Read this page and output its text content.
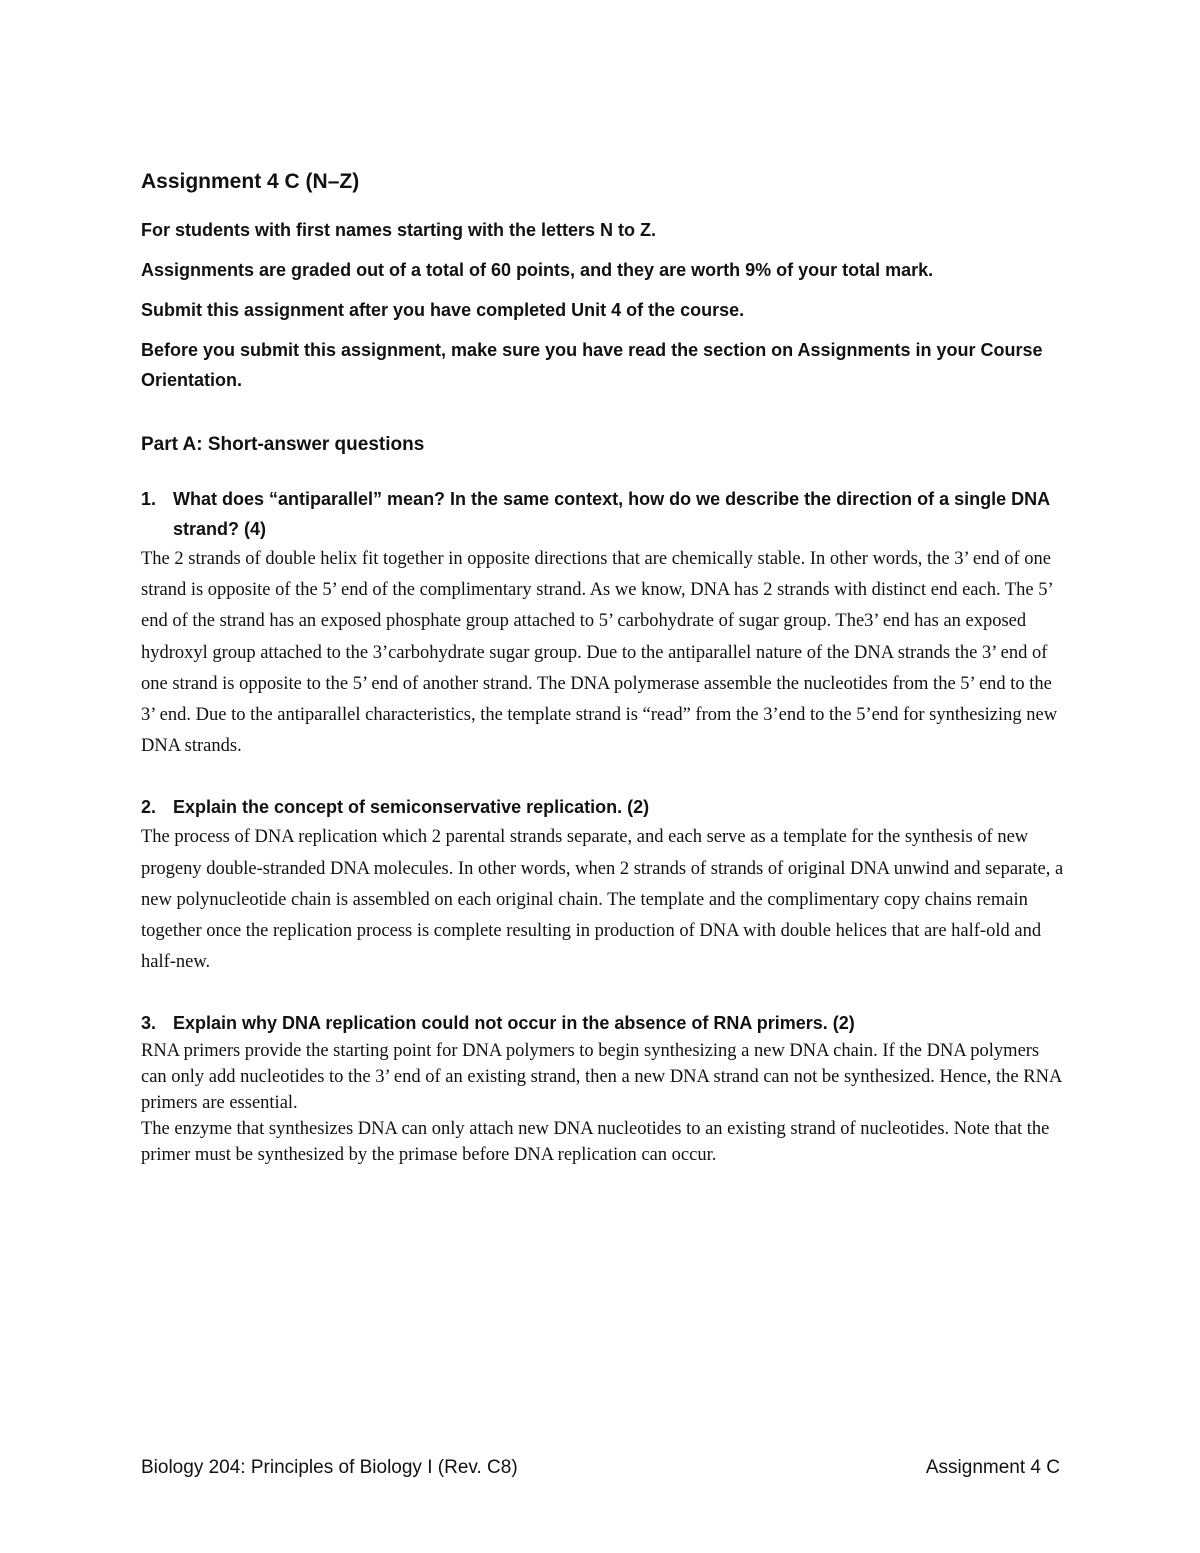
Assignment 4 C (N–Z)

For students with first names starting with the letters N to Z.

Assignments are graded out of a total of 60 points, and they are worth 9% of your total mark.

Submit this assignment after you have completed Unit 4 of the course.

Before you submit this assignment, make sure you have read the section on Assignments in your Course Orientation.

Part A: Short-answer questions
1. What does “antiparallel” mean? In the same context, how do we describe the direction of a single DNA strand? (4)

The 2 strands of double helix fit together in opposite directions that are chemically stable. In other words, the 3’ end of one strand is opposite of the 5’ end of the complimentary strand. As we know, DNA has 2 strands with distinct end each. The 5’ end of the strand has an exposed phosphate group attached to 5’ carbohydrate of sugar group. The3’ end has an exposed hydroxyl group attached to the 3’carbohydrate sugar group. Due to the antiparallel nature of the DNA strands the 3’ end of one strand is opposite to the 5’ end of another strand. The DNA polymerase assemble the nucleotides from the 5’ end to the 3’ end. Due to the antiparallel characteristics, the template strand is “read” from the 3’end to the 5’end for synthesizing new DNA strands.

2. Explain the concept of semiconservative replication. (2)

The process of DNA replication which 2 parental strands separate, and each serve as a template for the synthesis of new progeny double-stranded DNA molecules. In other words, when 2 strands of strands of original DNA unwind and separate, a new polynucleotide chain is assembled on each original chain. The template and the complimentary copy chains remain together once the replication process is complete resulting in production of DNA with double helices that are half-old and half-new.

3. Explain why DNA replication could not occur in the absence of RNA primers. (2)

RNA primers provide the starting point for DNA polymers to begin synthesizing a new DNA chain. If the DNA polymers can only add nucleotides to the 3’ end of an existing strand, then a new DNA strand can not be synthesized. Hence, the RNA primers are essential.

The enzyme that synthesizes DNA can only attach new DNA nucleotides to an existing strand of nucleotides. Note that the primer must be synthesized by the primase before DNA replication can occur.

Biology 204: Principles of Biology I (Rev. C8)	Assignment 4 C
